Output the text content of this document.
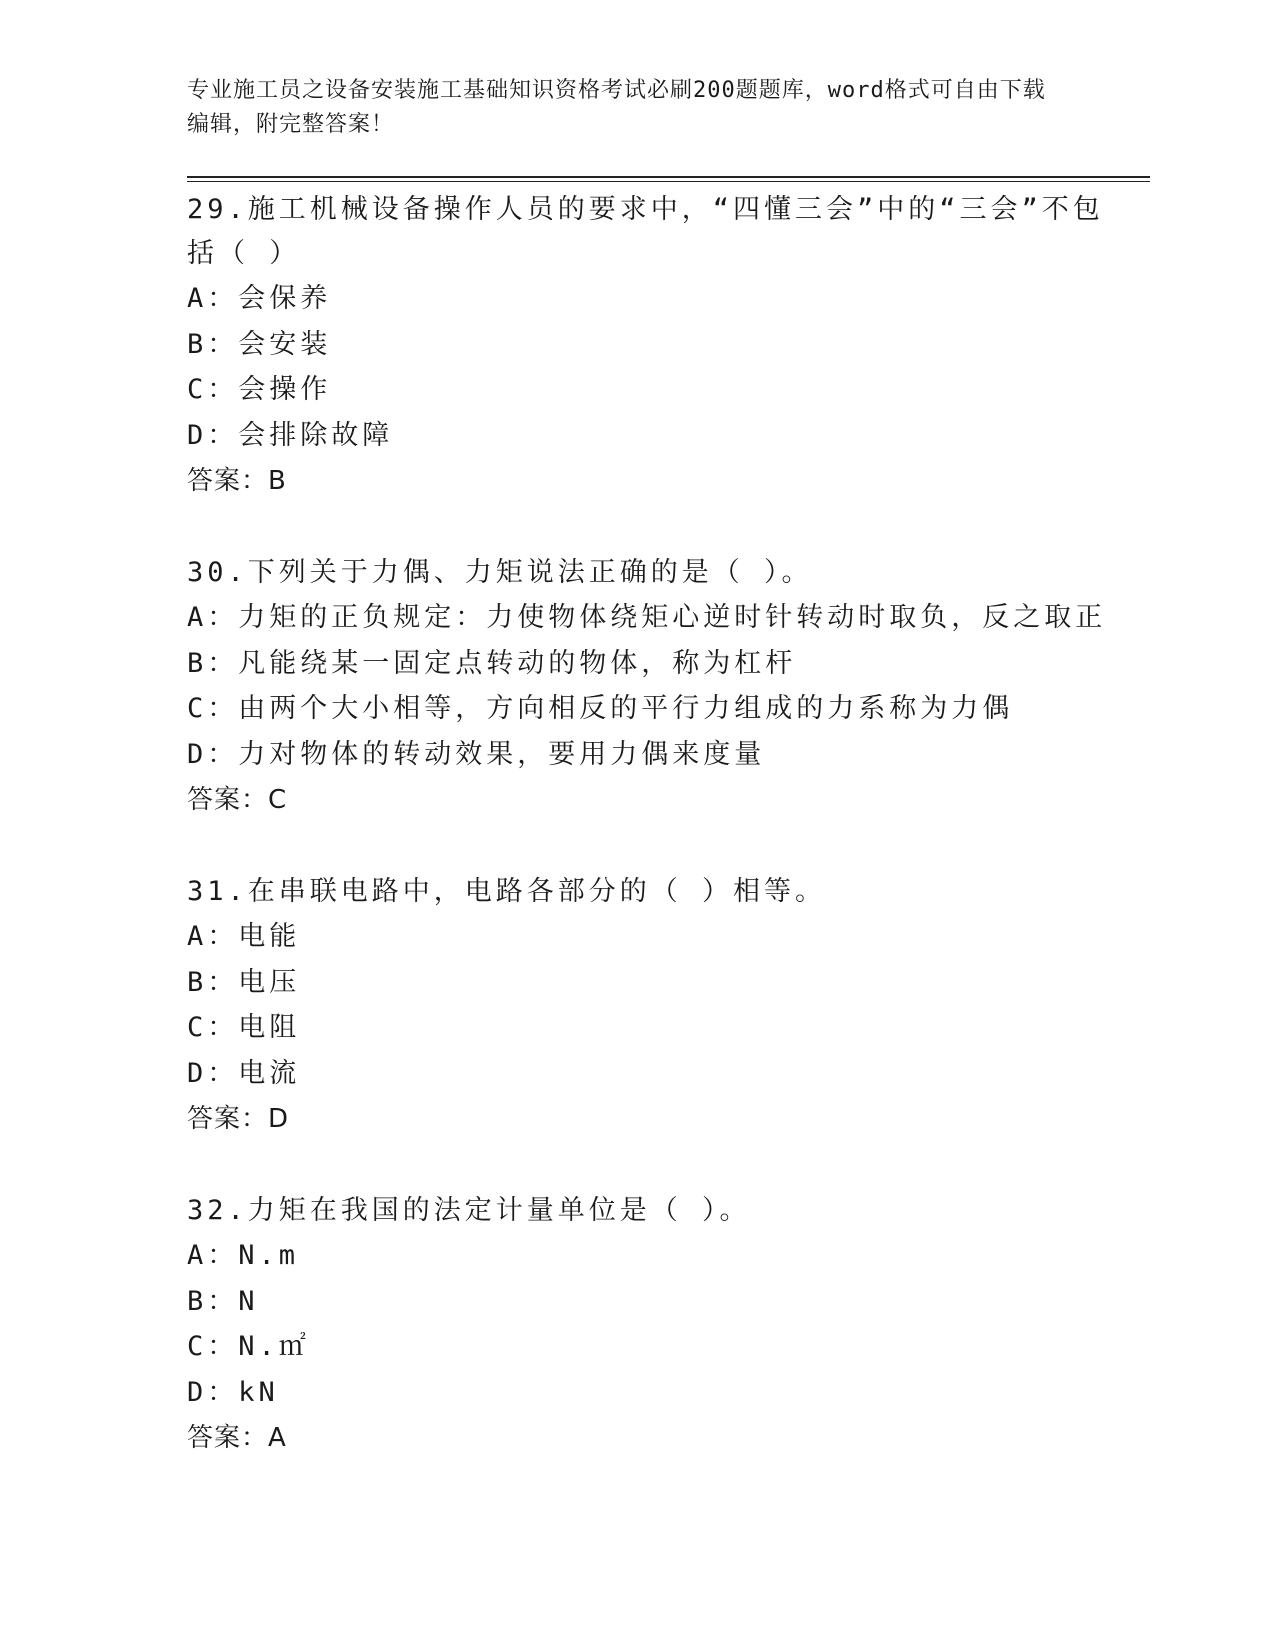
专业施工员之设备安装施工基础知识资格考试必刷200题题库，word格式可自由下载编辑，附完整答案！

29.施工机械设备操作人员的要求中，“四懂三会”中的“三会”不包括（ ）

A：会保养

B：会安装

C：会操作

D：会排除故障

答案：B

30.下列关于力偶、力矩说法正确的是（ ）。

A：力矩的正负规定：力使物体绕矩心逆时针转动时取负，反之取正

B：凡能绕某一固定点转动的物体，称为杠杆

C：由两个大小相等，方向相反的平行力组成的力系称为力偶

D：力对物体的转动效果，要用力偶来度量

答案：C

31.在串联电路中，电路各部分的（ ）相等。

A：电能

B：电压

C：电阻

D：电流

答案：D

32.力矩在我国的法定计量单位是（ ）。

A：N.m

B：N

C：N.㎡

D：kN

答案：A
